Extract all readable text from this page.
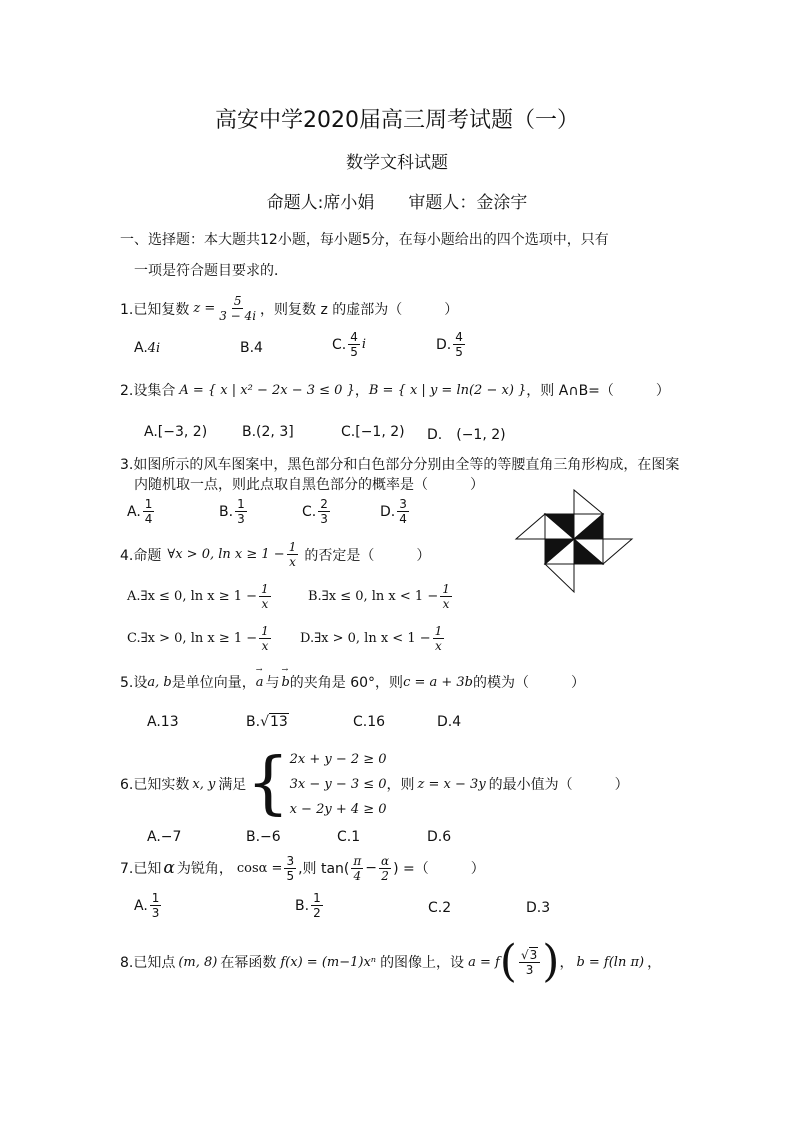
高安中学2020届高三周考试题（一）
数学文科试题
命题人:席小娟　　审题人：金涂宇
一、选择题：本大题共12小题，每小题5分，在每小题给出的四个选项中，只有
一项是符合题目要求的．
1.已知复数 $z = \frac{5}{3 - 4i}$ ，则复数 z 的虚部为（　　　）
A.4i	B.4	C. $\frac{4}{5}$ i	D. $\frac{4}{5}$
2.设集合 A = { x | x² − 2x − 3 ≤ 0 } ， B = { x | y = ln(2 − x) } ，则 A∩B=（　　　）
A.[−3, 2) B.(2, 3]	C.[−1, 2) D.　(−1, 2)
3.如图所示的风车图案中，黑色部分和白色部分分别由全等的等腰直角三角形构成，在图案
内随机取一点，则此点取自黑色部分的概率是（　　　）
A. $\frac{1}{4}$	B. $\frac{1}{3}$	C. $\frac{2}{3}$	D. $\frac{3}{4}$
4.命题 ∀x > 0, $\ln x \ge 1 - \frac{1}{x}$ 的否定是（　　　）
A.∃x ≤ 0, $\ln x \ge 1 - \frac{1}{x}$	B.∃x ≤ 0, $\ln x < 1 - \frac{1}{x}$
C.∃x > 0, $\ln x \ge 1 - \frac{1}{x}$ D.∃x > 0, $\ln x < 1 - \frac{1}{x}$
5.设 a, b 是单位向量， → a 与 → b 的夹角是 60°，则 c = a + 3b 的模为（　　　）
A.13	B.√13	C.16	D.4
6.已知实数 x, y 满足 { 2x + y − 2 ≥ 0
3x − y − 3 ≤ 0
x − 2y + 4 ≥ 0
，则 z = x − 3y 的最小值为（　　　）
A.−7	B.−6	C.1	D.6
7.已知 α 为锐角， $\cos\alpha = \frac{3}{5}$ ,则 $\tan( \frac{\pi}{4} - \frac{\alpha}{2}$ ) =（　　　）
A. $\frac{1}{3}$	B. $\frac{1}{2}$	C.2	D.3
8.已知点 (m, 8) 在幂函数 f(x) = (m−1)xⁿ 的图像上，设 a = f ( $\frac{√3}{3}$ ) ， b = f(ln π) ，
